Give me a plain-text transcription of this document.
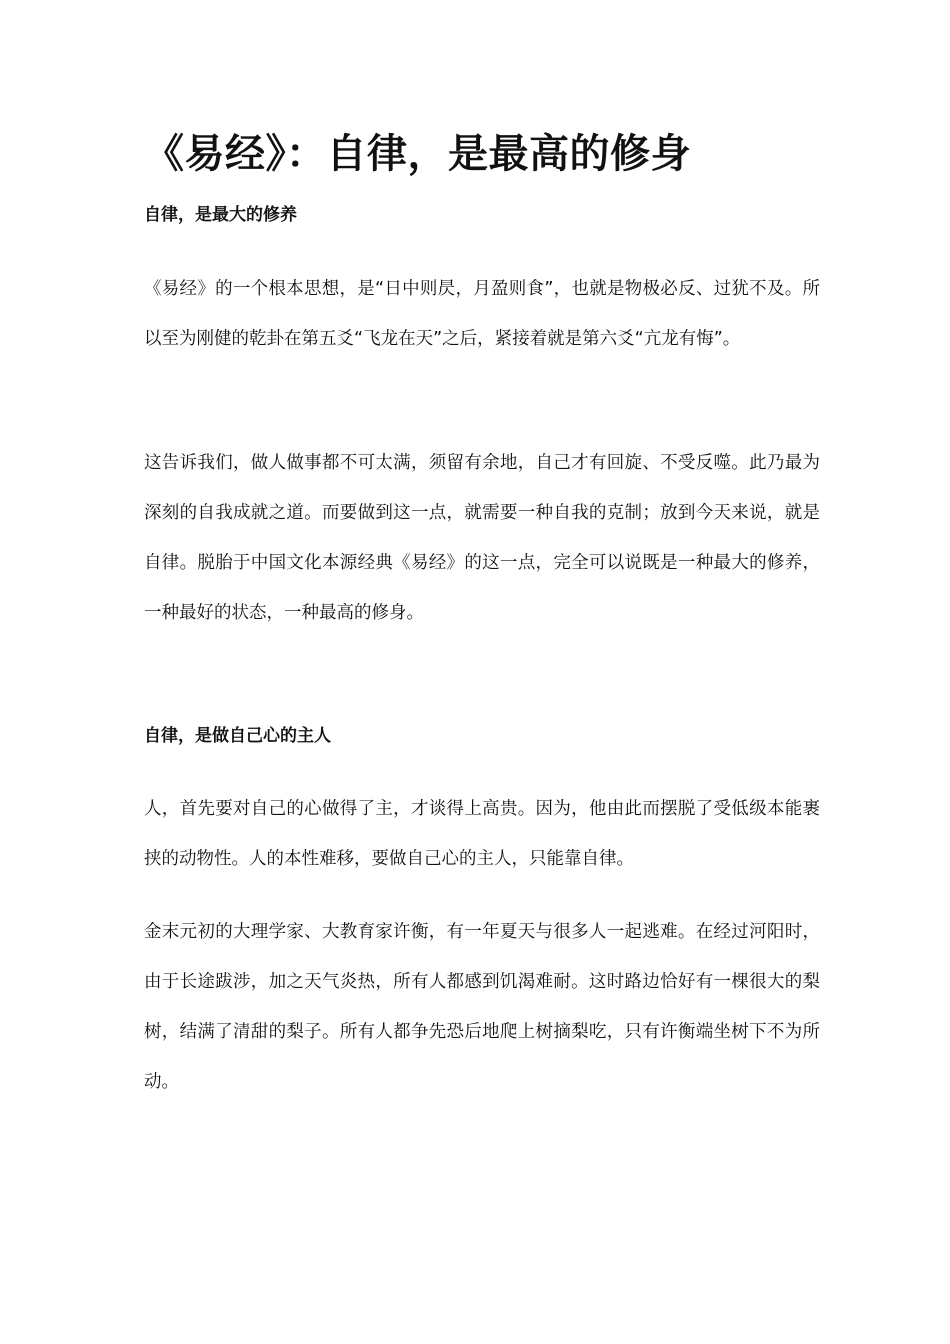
《易经》：自律，是最高的修身
自律，是最大的修养

《易经》的一个根本思想，是“日中则昃，月盈则食”，也就是物极必反、过犹不及。所以至为刚健的乾卦在第五爻“飞龙在天”之后，紧接着就是第六爻“亢龙有悔”。

这告诉我们，做人做事都不可太满，须留有余地，自己才有回旋、不受反噬。此乃最为深刻的自我成就之道。而要做到这一点，就需要一种自我的克制；放到今天来说，就是自律。脱胎于中国文化本源经典《易经》的这一点，完全可以说既是一种最大的修养，一种最好的状态，一种最高的修身。

自律，是做自己心的主人

人，首先要对自己的心做得了主，才谈得上高贵。因为，他由此而摆脱了受低级本能裹挟的动物性。人的本性难移，要做自己心的主人，只能靠自律。

金末元初的大理学家、大教育家许衡，有一年夏天与很多人一起逃难。在经过河阳时，由于长途跋涉，加之天气炎热，所有人都感到饥渴难耐。这时路边恰好有一棵很大的梨树，结满了清甜的梨子。所有人都争先恐后地爬上树摘梨吃，只有许衡端坐树下不为所动。
